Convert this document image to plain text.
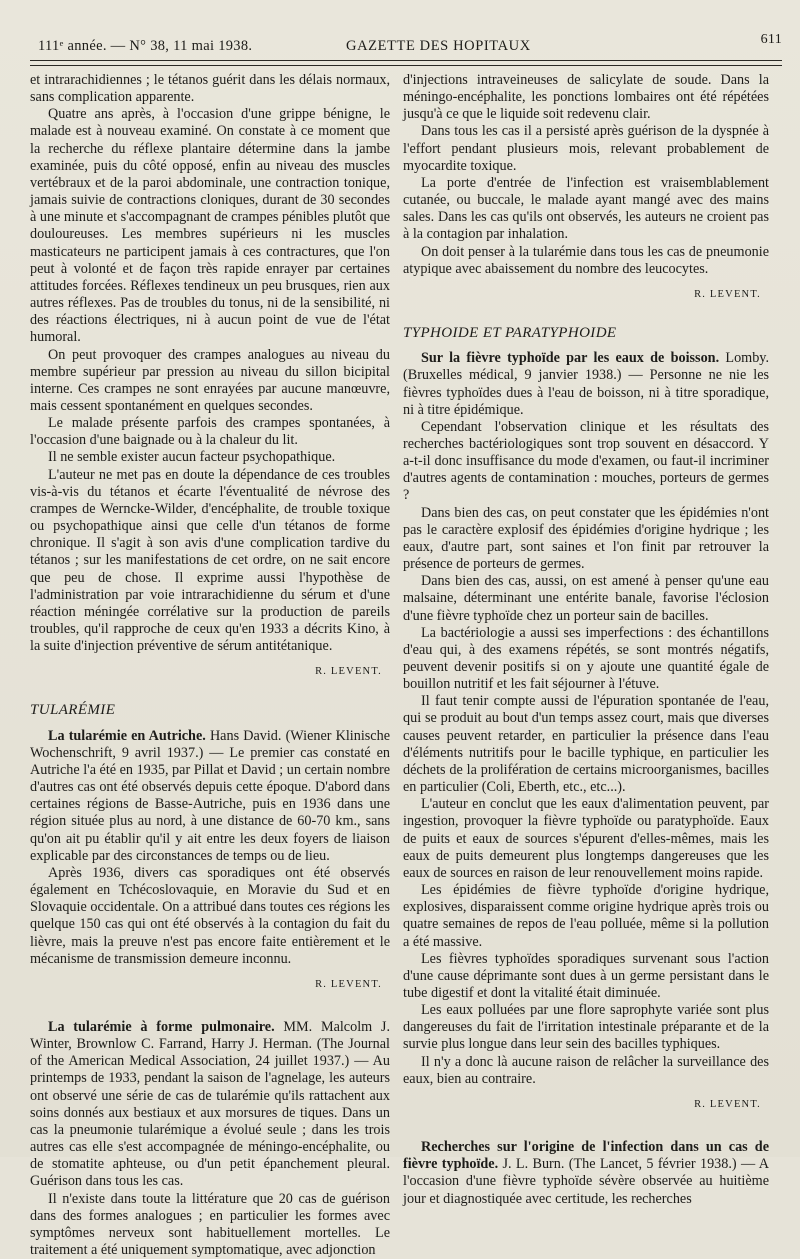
111ᵉ année. — N° 38, 11 mai 1938.	GAZETTE DES HOPITAUX	611

et intrarachidiennes ; le tétanos guérit dans les délais normaux, sans complication apparente.

Quatre ans après, à l'occasion d'une grippe bénigne, le malade est à nouveau examiné. On constate à ce moment que la recherche du réflexe plantaire détermine dans la jambe examinée, puis du côté opposé, enfin au niveau des muscles vertébraux et de la paroi abdominale, une contraction tonique, jamais suivie de contractions cloniques, durant de 30 secondes à une minute et s'accompagnant de crampes pénibles plutôt que douloureuses. Les membres supérieurs ni les muscles masticateurs ne participent jamais à ces contractures, que l'on peut à volonté et de façon très rapide enrayer par certaines attitudes forcées. Réflexes tendineux un peu brusques, rien aux autres réflexes. Pas de troubles du tonus, ni de la sensibilité, ni des réactions électriques, ni à aucun point de vue de l'état humoral.

On peut provoquer des crampes analogues au niveau du membre supérieur par pression au niveau du sillon bicipital interne. Ces crampes ne sont enrayées par aucune manœuvre, mais cessent spontanément en quelques secondes.

Le malade présente parfois des crampes spontanées, à l'occasion d'une baignade ou à la chaleur du lit.

Il ne semble exister aucun facteur psychopathique.

L'auteur ne met pas en doute la dépendance de ces troubles vis-à-vis du tétanos et écarte l'éventualité de névrose des crampes de Werncke-Wilder, d'encéphalite, de trouble toxique ou psychopathique ainsi que celle d'un tétanos de forme chronique. Il s'agit à son avis d'une complication tardive du tétanos ; sur les manifestations de cet ordre, on ne sait encore que peu de chose. Il exprime aussi l'hypothèse de l'administration par voie intrarachidienne du sérum et d'une réaction méningée corrélative sur la production de pareils troubles, qu'il rapproche de ceux qu'en 1933 a décrits Kino, à la suite d'injection préventive de sérum antitétanique.

R. LEVENT.
TULARÉMIE

La tularémie en Autriche. Hans David. (Wiener Klinische Wochenschrift, 9 avril 1937.) — Le premier cas constaté en Autriche l'a été en 1935, par Pillat et David ; un certain nombre d'autres cas ont été observés depuis cette époque. D'abord dans certaines régions de Basse-Autriche, puis en 1936 dans une région située plus au nord, à une distance de 60-70 km., sans qu'on ait pu établir qu'il y ait entre les deux foyers de liaison explicable par des circonstances de temps ou de lieu.

Après 1936, divers cas sporadiques ont été observés également en Tchécoslovaquie, en Moravie du Sud et en Slovaquie occidentale. On a attribué dans toutes ces régions les quelque 150 cas qui ont été observés à la contagion du fait du lièvre, mais la preuve n'est pas encore faite entièrement et le mécanisme de transmission demeure inconnu.

R. LEVENT.

La tularémie à forme pulmonaire. MM. Malcolm J. Winter, Brownlow C. Farrand, Harry J. Herman. (The Journal of the American Medical Association, 24 juillet 1937.) — Au printemps de 1933, pendant la saison de l'agnelage, les auteurs ont observé une série de cas de tularémie qu'ils rattachent aux soins donnés aux bestiaux et aux morsures de tiques. Dans un cas la pneumonie tularémique a évolué seule ; dans les trois autres cas elle s'est accompagnée de méningo-encéphalite, ou de stomatite aphteuse, ou d'un petit épanchement pleural. Guérison dans tous les cas.

Il n'existe dans toute la littérature que 20 cas de guérison dans des formes analogues ; en particulier les formes avec symptômes nerveux sont habituellement mortelles. Le traitement a été uniquement symptomatique, avec adjonction

d'injections intraveineuses de salicylate de soude. Dans la méningo-encéphalite, les ponctions lombaires ont été répétées jusqu'à ce que le liquide soit redevenu clair.

Dans tous les cas il a persisté après guérison de la dyspnée à l'effort pendant plusieurs mois, relevant probablement de myocardite toxique.

La porte d'entrée de l'infection est vraisemblablement cutanée, ou buccale, le malade ayant mangé avec des mains sales. Dans les cas qu'ils ont observés, les auteurs ne croient pas à la contagion par inhalation.

On doit penser à la tularémie dans tous les cas de pneumonie atypique avec abaissement du nombre des leucocytes.

R. LEVENT.
TYPHOIDE ET PARATYPHOIDE

Sur la fièvre typhoïde par les eaux de boisson. Lomby. (Bruxelles médical, 9 janvier 1938.) — Personne ne nie les fièvres typhoïdes dues à l'eau de boisson, ni à titre sporadique, ni à titre épidémique.

Cependant l'observation clinique et les résultats des recherches bactériologiques sont trop souvent en désaccord. Y a-t-il donc insuffisance du mode d'examen, ou faut-il incriminer d'autres agents de contamination : mouches, porteurs de germes ?

Dans bien des cas, on peut constater que les épidémies n'ont pas le caractère explosif des épidémies d'origine hydrique ; les eaux, d'autre part, sont saines et l'on finit par retrouver la présence de porteurs de germes.

Dans bien des cas, aussi, on est amené à penser qu'une eau malsaine, déterminant une entérite banale, favorise l'éclosion d'une fièvre typhoïde chez un porteur sain de bacilles.

La bactériologie a aussi ses imperfections : des échantillons d'eau qui, à des examens répétés, se sont montrés négatifs, peuvent devenir positifs si on y ajoute une quantité égale de bouillon nutritif et les fait séjourner à l'étuve.

Il faut tenir compte aussi de l'épuration spontanée de l'eau, qui se produit au bout d'un temps assez court, mais que diverses causes peuvent retarder, en particulier la présence dans l'eau d'éléments nutritifs pour le bacille typhique, en particulier les déchets de la prolifération de certains microorganismes, bacilles en particulier (Coli, Eberth, etc., etc...).

L'auteur en conclut que les eaux d'alimentation peuvent, par ingestion, provoquer la fièvre typhoïde ou paratyphoïde. Eaux de puits et eaux de sources s'épurent d'elles-mêmes, mais les eaux de puits demeurent plus longtemps dangereuses que les eaux de sources en raison de leur renouvellement moins rapide.

Les épidémies de fièvre typhoïde d'origine hydrique, explosives, disparaissent comme origine hydrique après trois ou quatre semaines de repos de l'eau polluée, même si la pollution a été massive.

Les fièvres typhoïdes sporadiques survenant sous l'action d'une cause déprimante sont dues à un germe persistant dans le tube digestif et dont la vitalité était diminuée.

Les eaux polluées par une flore saprophyte variée sont plus dangereuses du fait de l'irritation intestinale préparante et de la survie plus longue dans leur sein des bacilles typhiques.

Il n'y a donc là aucune raison de relâcher la surveillance des eaux, bien au contraire.

R. LEVENT.

Recherches sur l'origine de l'infection dans un cas de fièvre typhoïde. J. L. Burn. (The Lancet, 5 février 1938.) — A l'occasion d'une fièvre typhoïde sévère observée au huitième jour et diagnostiquée avec certitude, les recherches
